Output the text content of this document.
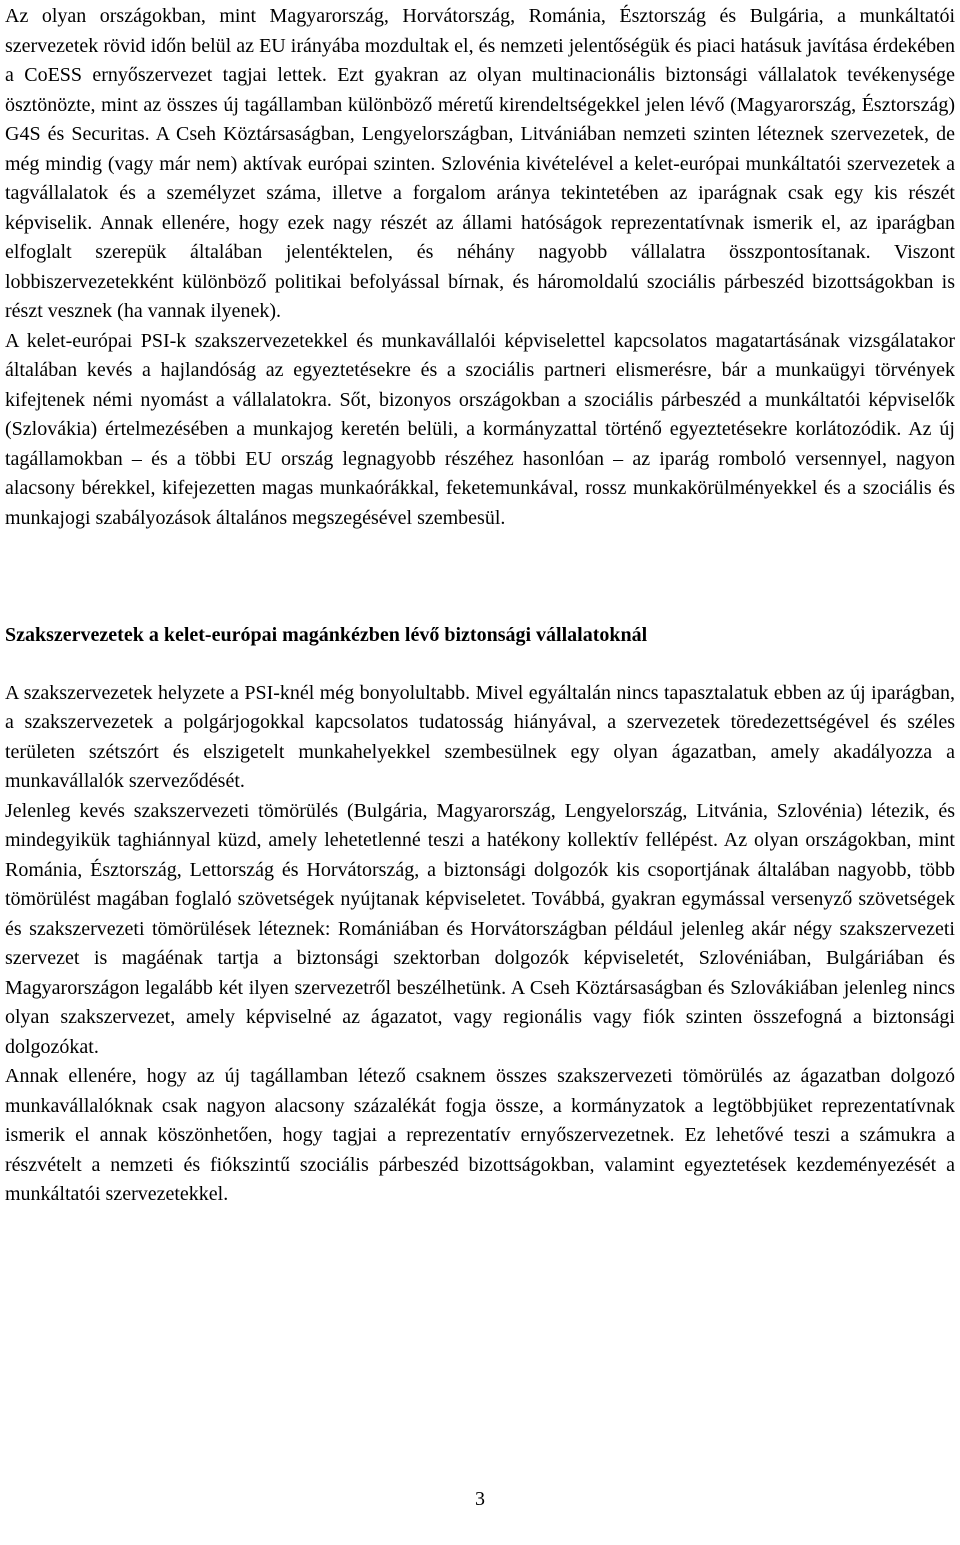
Az olyan országokban, mint Magyarország, Horvátország, Románia, Észtország és Bulgária, a munkáltatói szervezetek rövid időn belül az EU irányába mozdultak el, és nemzeti jelentőségük és piaci hatásuk javítása érdekében a CoESS ernyőszervezet tagjai lettek. Ezt gyakran az olyan multinacionális biztonsági vállalatok tevékenysége ösztönözte, mint az összes új tagállamban különböző méretű kirendeltségekkel jelen lévő (Magyarország, Észtország) G4S és Securitas. A Cseh Köztársaságban, Lengyelországban, Litvániában nemzeti szinten léteznek szervezetek, de még mindig (vagy már nem) aktívak európai szinten. Szlovénia kivételével a kelet-európai munkáltatói szervezetek a tagvállalatok és a személyzet száma, illetve a forgalom aránya tekintetében az iparágnak csak egy kis részét képviselik. Annak ellenére, hogy ezek nagy részét az állami hatóságok reprezentatívnak ismerik el, az iparágban elfoglalt szerepük általában jelentéktelen, és néhány nagyobb vállalatra összpontosítanak. Viszont lobbiszervezetekként különböző politikai befolyással bírnak, és háromoldalú szociális párbeszéd bizottságokban is részt vesznek (ha vannak ilyenek).

A kelet-európai PSI-k szakszervezetekkel és munkavállalói képviselettel kapcsolatos magatartásának vizsgálatakor általában kevés a hajlandóság az egyeztetésekre és a szociális partneri elismerésre, bár a munkaügyi törvények kifejtenek némi nyomást a vállalatokra. Sőt, bizonyos országokban a szociális párbeszéd a munkáltatói képviselők (Szlovákia) értelmezésében a munkajog keretén belüli, a kormányzattal történő egyeztetésekre korlátozódik. Az új tagállamokban – és a többi EU ország legnagyobb részéhez hasonlóan – az iparág romboló versennyel, nagyon alacsony bérekkel, kifejezetten magas munkaórákkal, feketemunkával, rossz munkakörülményekkel és a szociális és munkajogi szabályozások általános megszegésével szembesül.

Szakszervezetek a kelet-európai magánkézben lévő biztonsági vállalatoknál

A szakszervezetek helyzete a PSI-knél még bonyolultabb. Mivel egyáltalán nincs tapasztalatuk ebben az új iparágban, a szakszervezetek a polgárjogokkal kapcsolatos tudatosság hiányával, a szervezetek töredezettségével és széles területen szétszórt és elszigetelt munkahelyekkel szembesülnek egy olyan ágazatban, amely akadályozza a munkavállalók szerveződését.

Jelenleg kevés szakszervezeti tömörülés (Bulgária, Magyarország, Lengyelország, Litvánia, Szlovénia) létezik, és mindegyikük taghiánnyal küzd, amely lehetetlenné teszi a hatékony kollektív fellépést. Az olyan országokban, mint Románia, Észtország, Lettország és Horvátország, a biztonsági dolgozók kis csoportjának általában nagyobb, több tömörülést magában foglaló szövetségek nyújtanak képviseletet. Továbbá, gyakran egymással versenyző szövetségek és szakszervezeti tömörülések léteznek: Romániában és Horvátországban például jelenleg akár négy szakszervezeti szervezet is magáénak tartja a biztonsági szektorban dolgozók képviseletét, Szlovéniában, Bulgáriában és Magyarországon legalább két ilyen szervezetről beszélhetünk. A Cseh Köztársaságban és Szlovákiában jelenleg nincs olyan szakszervezet, amely képviselné az ágazatot, vagy regionális vagy fiók szinten összefogná a biztonsági dolgozókat.

Annak ellenére, hogy az új tagállamban létező csaknem összes szakszervezeti tömörülés az ágazatban dolgozó munkavállalóknak csak nagyon alacsony százalékát fogja össze, a kormányzatok a legtöbbjüket reprezentatívnak ismerik el annak köszönhetően, hogy tagjai a reprezentatív ernyőszervezetnek. Ez lehetővé teszi a számukra a részvételt a nemzeti és fiókszintű szociális párbeszéd bizottságokban, valamint egyeztetések kezdeményezését a munkáltatói szervezetekkel.

3
